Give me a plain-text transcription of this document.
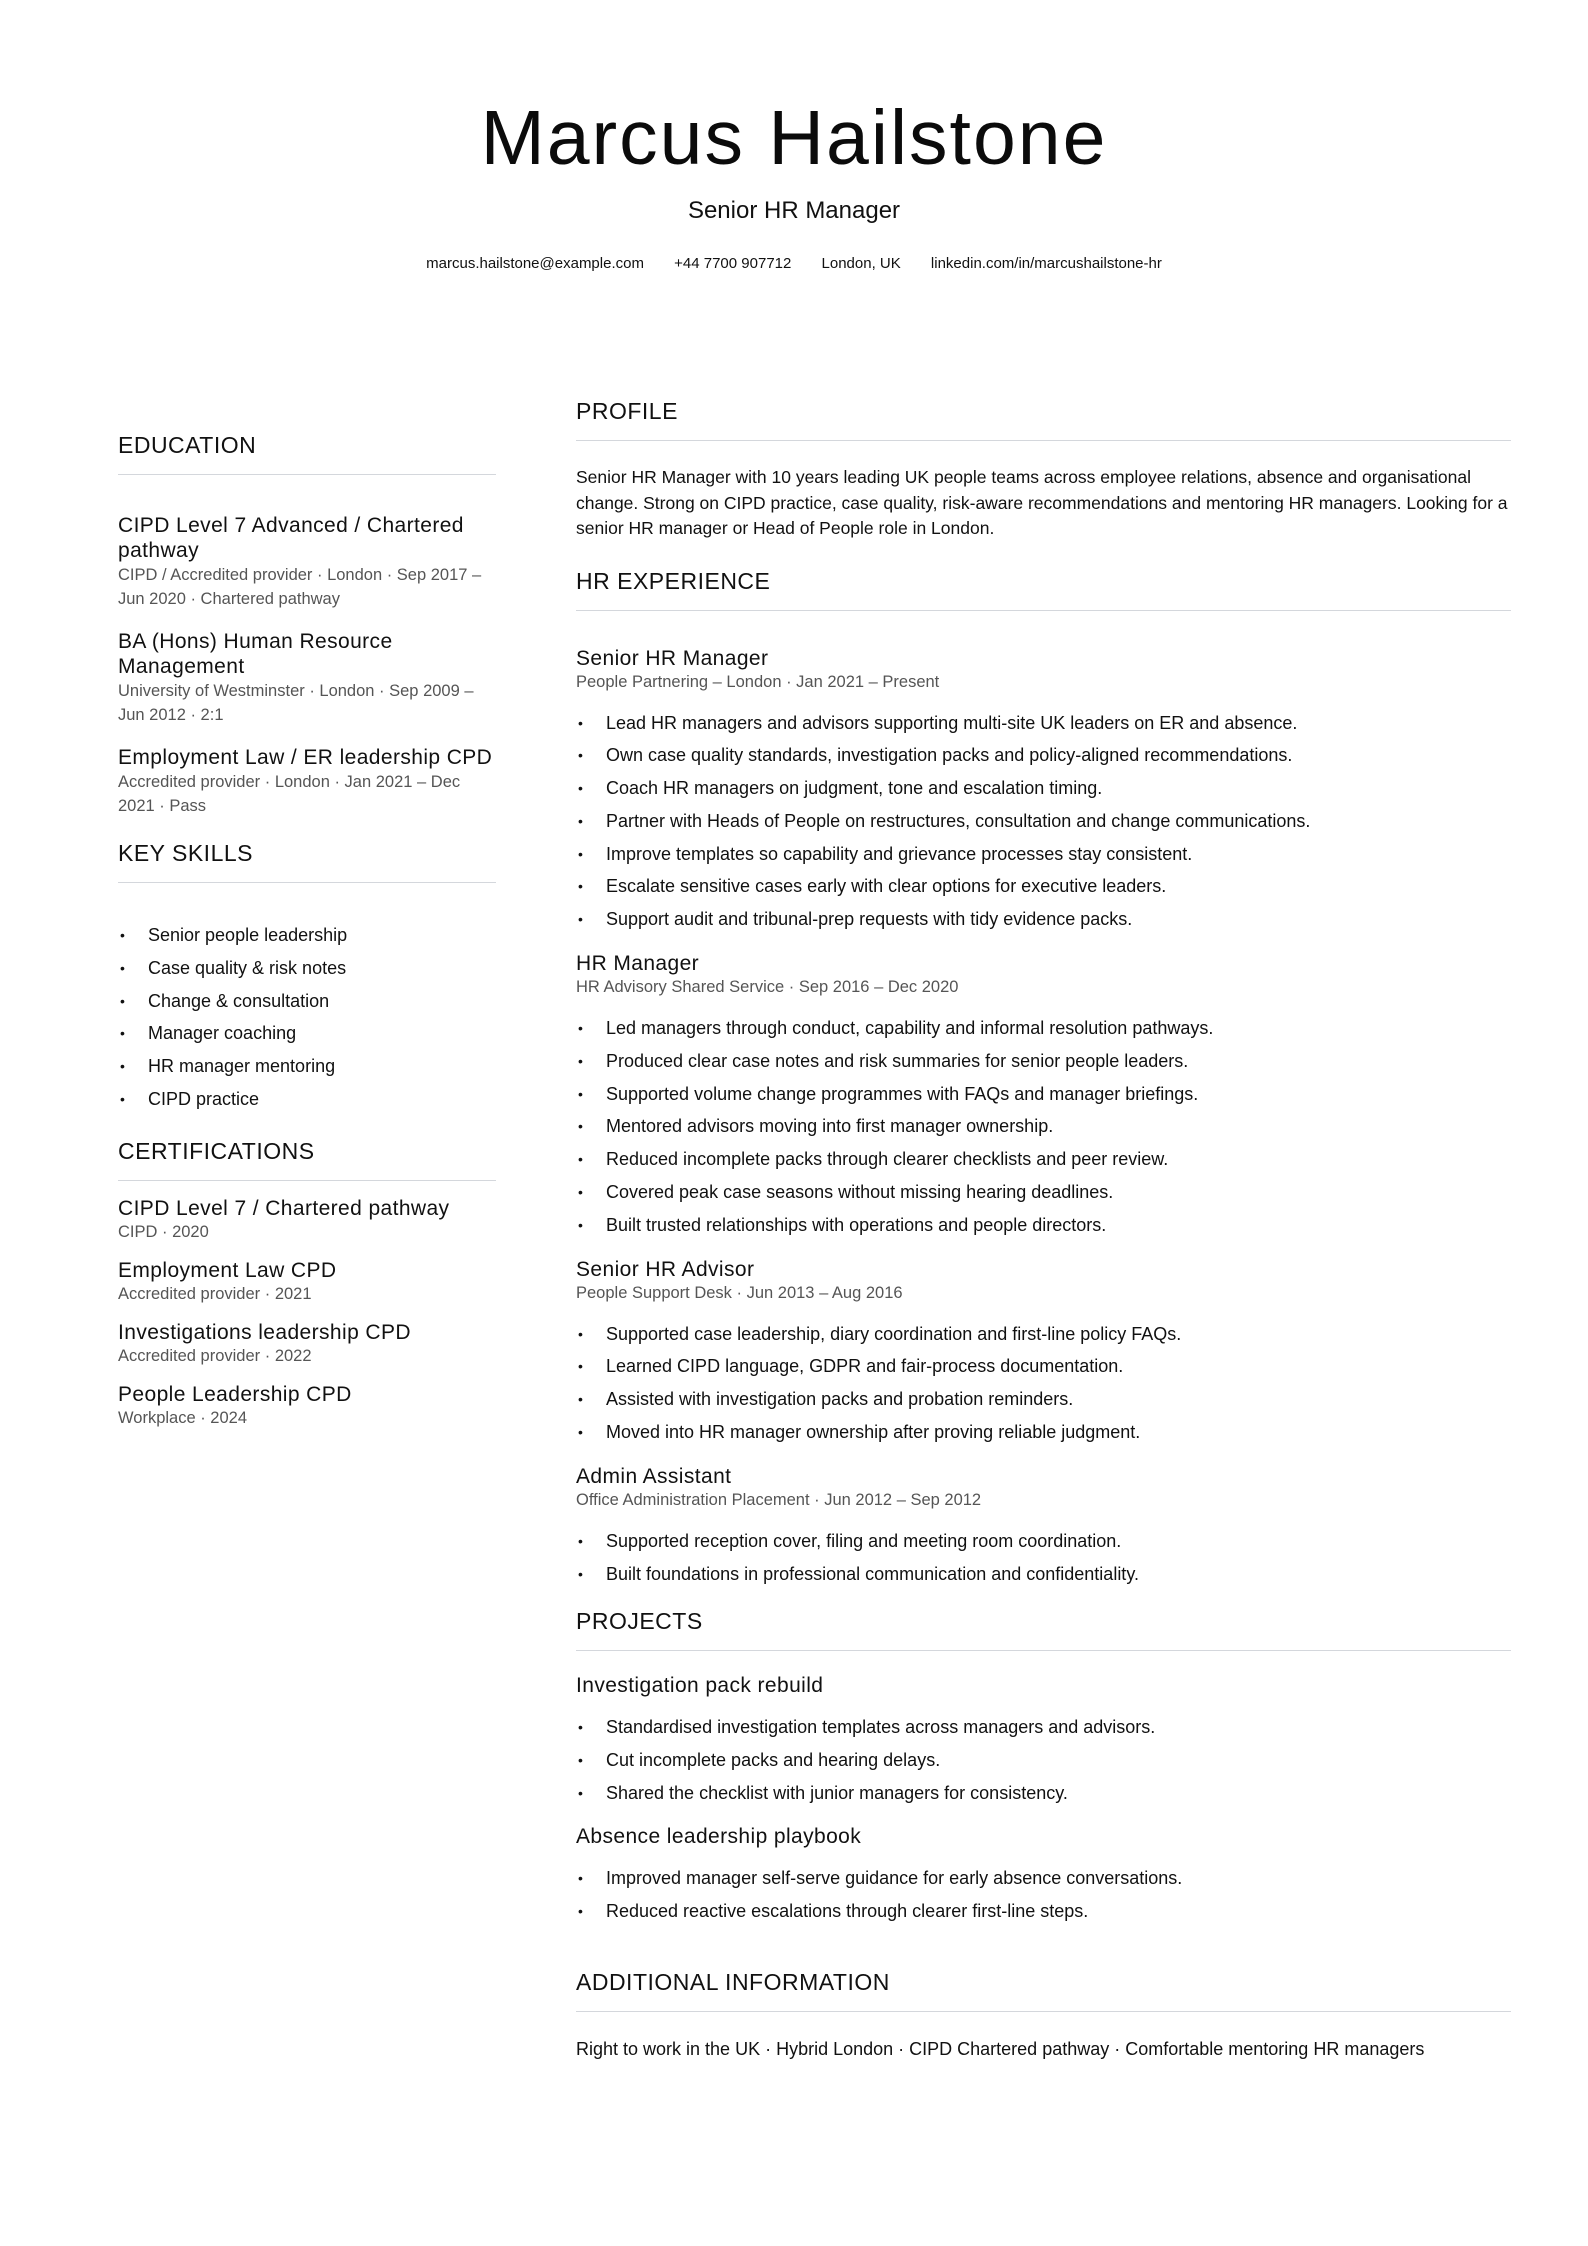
Marcus Hailstone
Senior HR Manager
marcus.hailstone@example.com +44 7700 907712 London, UK linkedin.com/in/marcushailstone-hr
EDUCATION
CIPD Level 7 Advanced / Chartered pathway
CIPD / Accredited provider · London · Sep 2017 – Jun 2020 · Chartered pathway
BA (Hons) Human Resource Management
University of Westminster · London · Sep 2009 – Jun 2012 · 2:1
Employment Law / ER leadership CPD
Accredited provider · London · Jan 2021 – Dec 2021 · Pass
KEY SKILLS
• Senior people leadership
• Case quality & risk notes
• Change & consultation
• Manager coaching
• HR manager mentoring
• CIPD practice
CERTIFICATIONS
CIPD Level 7 / Chartered pathway
CIPD · 2020
Employment Law CPD
Accredited provider · 2021
Investigations leadership CPD
Accredited provider · 2022
People Leadership CPD
Workplace · 2024
PROFILE
Senior HR Manager with 10 years leading UK people teams across employee relations, absence and organisational change. Strong on CIPD practice, case quality, risk-aware recommendations and mentoring HR managers. Looking for a senior HR manager or Head of People role in London.
HR EXPERIENCE
Senior HR Manager
People Partnering – London · Jan 2021 – Present
• Lead HR managers and advisors supporting multi-site UK leaders on ER and absence.
• Own case quality standards, investigation packs and policy-aligned recommendations.
• Coach HR managers on judgment, tone and escalation timing.
• Partner with Heads of People on restructures, consultation and change communications.
• Improve templates so capability and grievance processes stay consistent.
• Escalate sensitive cases early with clear options for executive leaders.
• Support audit and tribunal-prep requests with tidy evidence packs.
HR Manager
HR Advisory Shared Service · Sep 2016 – Dec 2020
• Led managers through conduct, capability and informal resolution pathways.
• Produced clear case notes and risk summaries for senior people leaders.
• Supported volume change programmes with FAQs and manager briefings.
• Mentored advisors moving into first manager ownership.
• Reduced incomplete packs through clearer checklists and peer review.
• Covered peak case seasons without missing hearing deadlines.
• Built trusted relationships with operations and people directors.
Senior HR Advisor
People Support Desk · Jun 2013 – Aug 2016
• Supported case leadership, diary coordination and first-line policy FAQs.
• Learned CIPD language, GDPR and fair-process documentation.
• Assisted with investigation packs and probation reminders.
• Moved into HR manager ownership after proving reliable judgment.
Admin Assistant
Office Administration Placement · Jun 2012 – Sep 2012
• Supported reception cover, filing and meeting room coordination.
• Built foundations in professional communication and confidentiality.
PROJECTS
Investigation pack rebuild
• Standardised investigation templates across managers and advisors.
• Cut incomplete packs and hearing delays.
• Shared the checklist with junior managers for consistency.
Absence leadership playbook
• Improved manager self-serve guidance for early absence conversations.
• Reduced reactive escalations through clearer first-line steps.
ADDITIONAL INFORMATION
Right to work in the UK · Hybrid London · CIPD Chartered pathway · Comfortable mentoring HR managers
